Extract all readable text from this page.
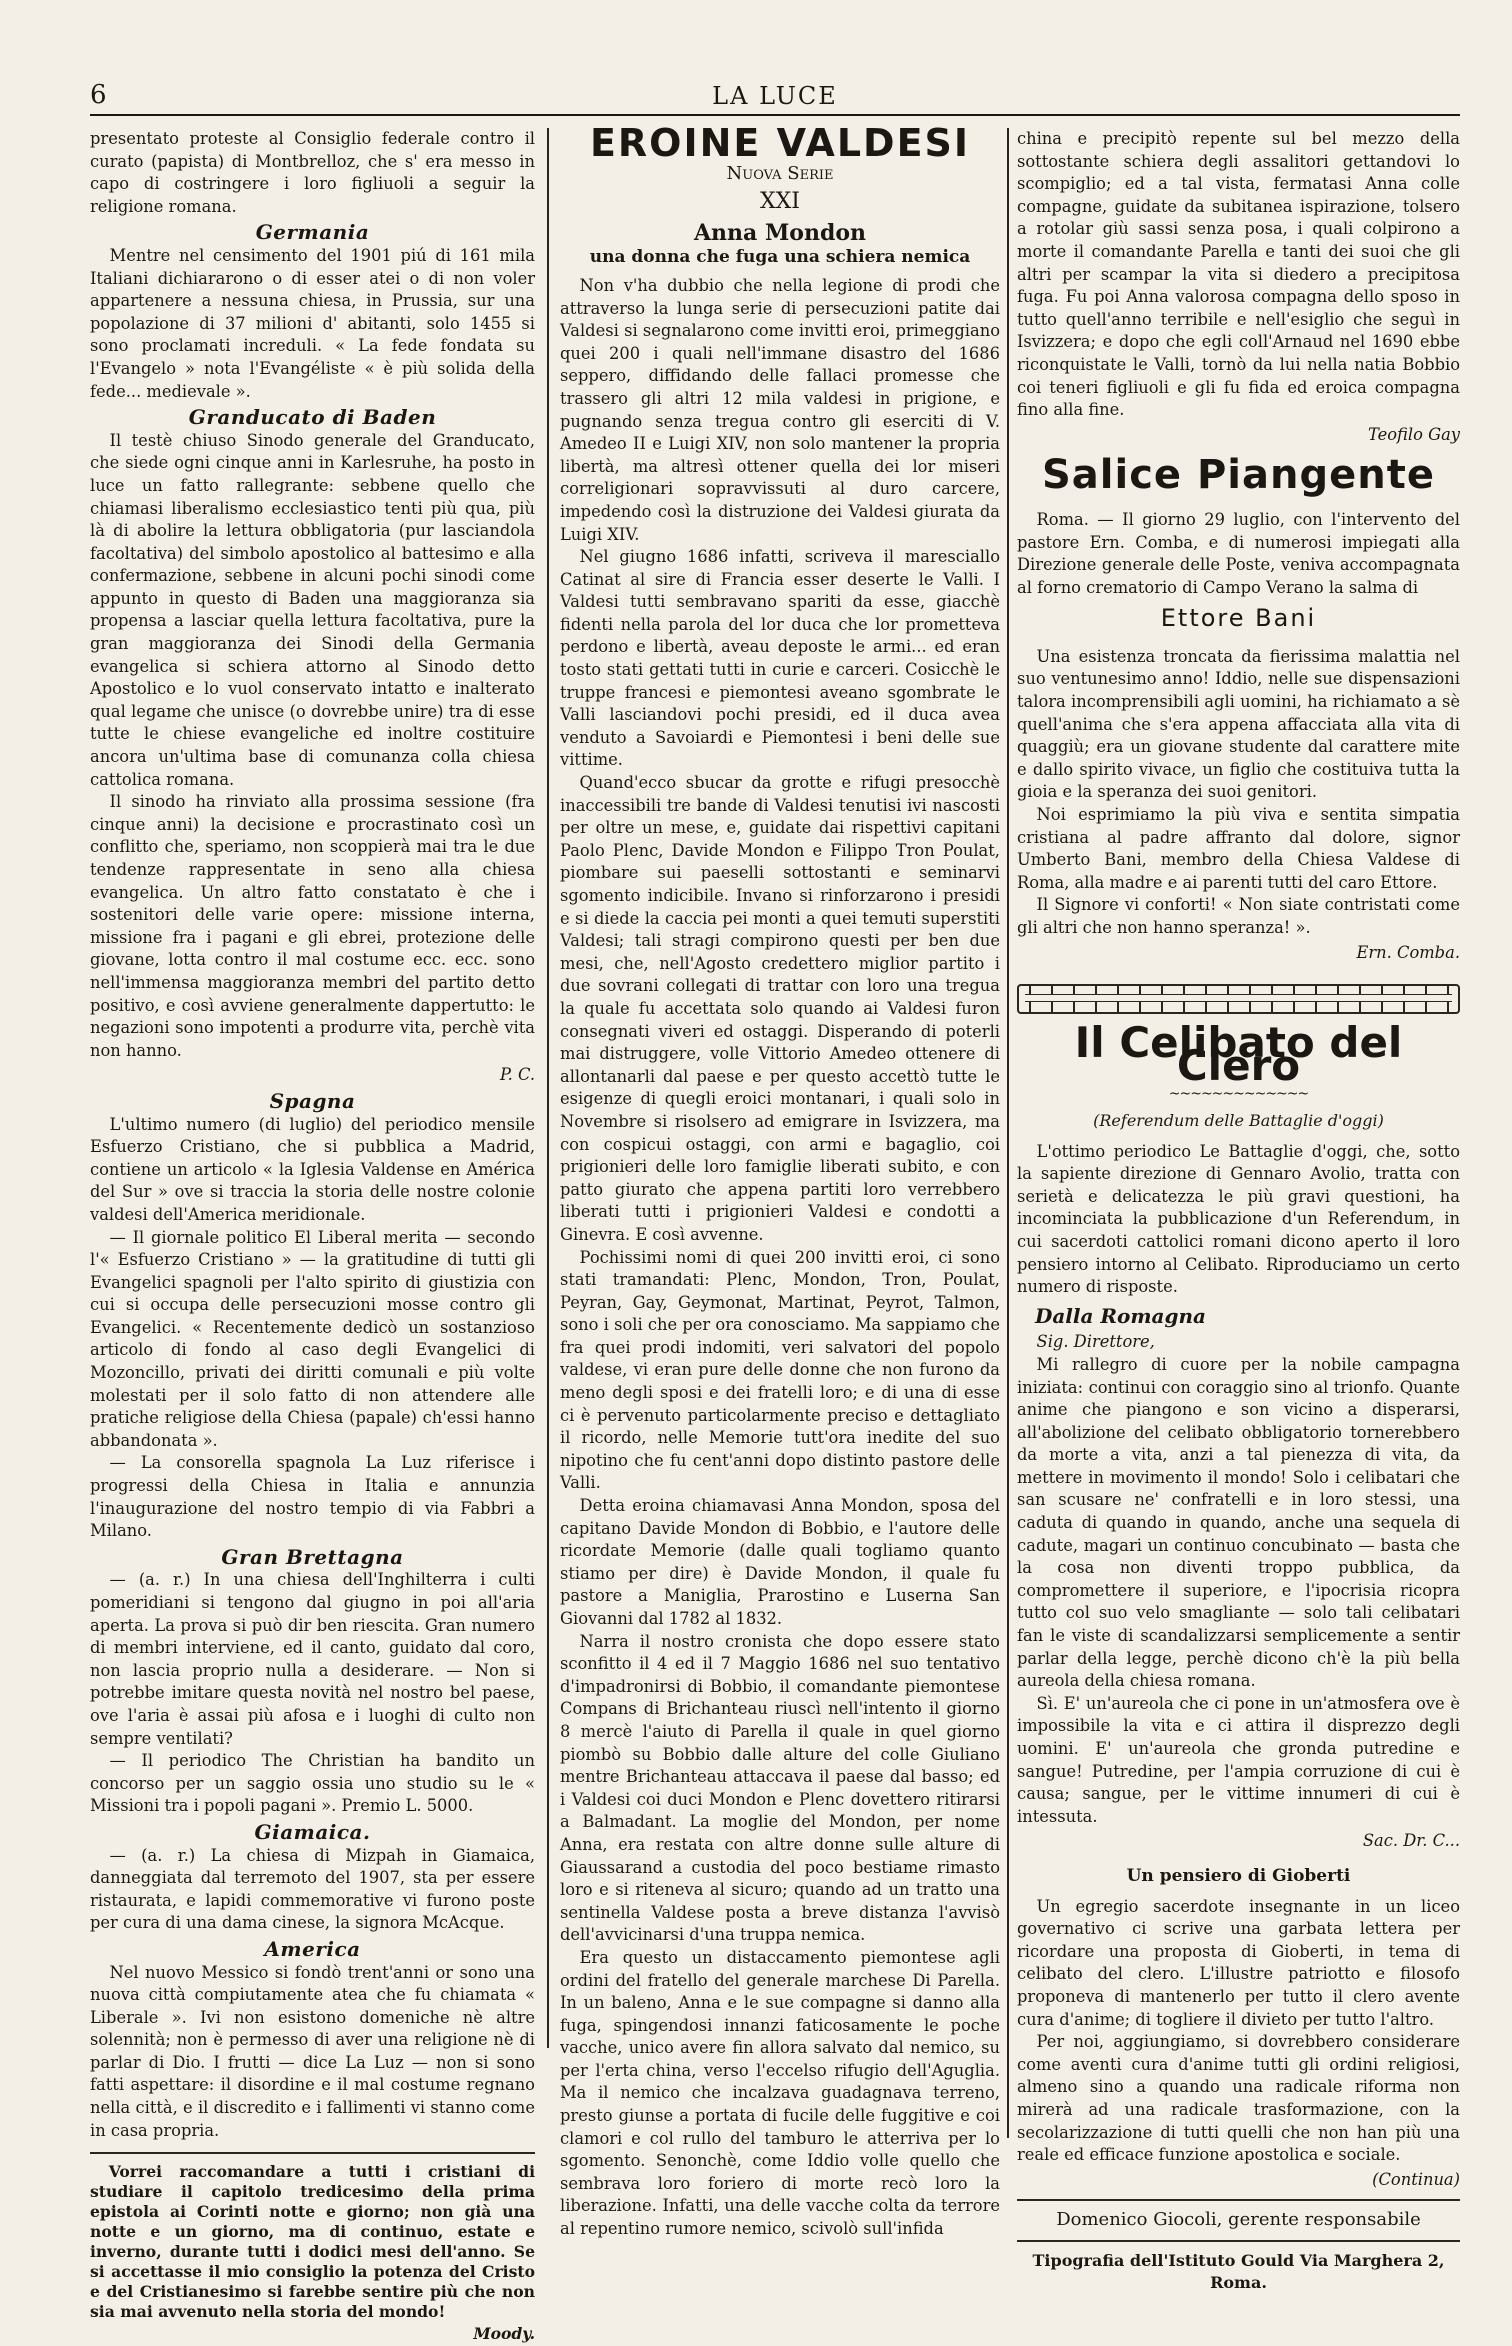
6	LA LUCE

presentato proteste al Consiglio federale contro il curato (papista) di Montbrelloz, che s' era messo in capo di costringere i loro figliuoli a seguir la religione romana.

Germania

Mentre nel censimento del 1901 piú di 161 mila Italiani dichiararono o di esser atei o di non voler appartenere a nessuna chiesa, in Prussia, sur una popolazione di 37 milioni d' abitanti, solo 1455 si sono proclamati increduli. « La fede fondata su l'Evangelo » nota l'Evangéliste « è più solida della fede... medievale ».

Granducato di Baden

Il testè chiuso Sinodo generale del Granducato, che siede ogni cinque anni in Karlesruhe, ha posto in luce un fatto rallegrante: sebbene quello che chiamasi liberalismo ecclesiastico tenti più qua, più là di abolire la lettura obbligatoria (pur lasciandola facoltativa) del simbolo apostolico al battesimo e alla confermazione, sebbene in alcuni pochi sinodi come appunto in questo di Baden una maggioranza sia propensa a lasciar quella lettura facoltativa, pure la gran maggioranza dei Sinodi della Germania evangelica si schiera attorno al Sinodo detto Apostolico e lo vuol conservato intatto e inalterato qual legame che unisce (o dovrebbe unire) tra di esse tutte le chiese evangeliche ed inoltre costituire ancora un'ultima base di comunanza colla chiesa cattolica romana.

Il sinodo ha rinviato alla prossima sessione (fra cinque anni) la decisione e procrastinato così un conflitto che, speriamo, non scoppierà mai tra le due tendenze rappresentate in seno alla chiesa evangelica. Un altro fatto constatato è che i sostenitori delle varie opere: missione interna, missione fra i pagani e gli ebrei, protezione delle giovane, lotta contro il mal costume ecc. ecc. sono nell'immensa maggioranza membri del partito detto positivo, e così avviene generalmente dappertutto: le negazioni sono impotenti a produrre vita, perchè vita non hanno.

P. C.
Spagna

L'ultimo numero (di luglio) del periodico mensile Esfuerzo Cristiano, che si pubblica a Madrid, contiene un articolo « la Iglesia Valdense en América del Sur » ove si traccia la storia delle nostre colonie valdesi dell'America meridionale.

— Il giornale politico El Liberal merita — secondo l'« Esfuerzo Cristiano » — la gratitudine di tutti gli Evangelici spagnoli per l'alto spirito di giustizia con cui si occupa delle persecuzioni mosse contro gli Evangelici. « Recentemente dedicò un sostanzioso articolo di fondo al caso degli Evangelici di Mozoncillo, privati dei diritti comunali e più volte molestati per il solo fatto di non attendere alle pratiche religiose della Chiesa (papale) ch'essi hanno abbandonata ».

— La consorella spagnola La Luz riferisce i progressi della Chiesa in Italia e annunzia l'inaugurazione del nostro tempio di via Fabbri a Milano.

Gran Brettagna

— (a. r.) In una chiesa dell'Inghilterra i culti pomeridiani si tengono dal giugno in poi all'aria aperta. La prova si può dir ben riescita. Gran numero di membri interviene, ed il canto, guidato dal coro, non lascia proprio nulla a desiderare. — Non si potrebbe imitare questa novità nel nostro bel paese, ove l'aria è assai più afosa e i luoghi di culto non sempre ventilati?

— Il periodico The Christian ha bandito un concorso per un saggio ossia uno studio su le « Missioni tra i popoli pagani ». Premio L. 5000.

Giamaica.

— (a. r.) La chiesa di Mizpah in Giamaica, danneggiata dal terremoto del 1907, sta per essere ristaurata, e lapidi commemorative vi furono poste per cura di una dama cinese, la signora McAcque.

America

Nel nuovo Messico si fondò trent'anni or sono una nuova città compiutamente atea che fu chiamata « Liberale ». Ivi non esistono domeniche nè altre solennità; non è permesso di aver una religione nè di parlar di Dio. I frutti — dice La Luz — non si sono fatti aspettare: il disordine e il mal costume regnano nella città, e il discredito e i fallimenti vi stanno come in casa propria.

Vorrei raccomandare a tutti i cristiani di studiare il capitolo tredicesimo della prima epistola ai Corinti notte e giorno; non già una notte e un giorno, ma di continuo, estate e inverno, durante tutti i dodici mesi dell'anno. Se si accettasse il mio consiglio la potenza del Cristo e del Cristianesimo si farebbe sentire più che non sia mai avvenuto nella storia del mondo!

Moody.
EROINE VALDESI
Nuova Serie
XXI
Anna Mondon
una donna che fuga una schiera nemica

Non v'ha dubbio che nella legione di prodi che attraverso la lunga serie di persecuzioni patite dai Valdesi si segnalarono come invitti eroi, primeggiano quei 200 i quali nell'immane disastro del 1686 seppero, diffidando delle fallaci promesse che trassero gli altri 12 mila valdesi in prigione, e pugnando senza tregua contro gli eserciti di V. Amedeo II e Luigi XIV, non solo mantener la propria libertà, ma altresì ottener quella dei lor miseri correligionari sopravvissuti al duro carcere, impedendo così la distruzione dei Valdesi giurata da Luigi XIV.

Nel giugno 1686 infatti, scriveva il maresciallo Catinat al sire di Francia esser deserte le Valli. I Valdesi tutti sembravano spariti da esse, giacchè fidenti nella parola del lor duca che lor prometteva perdono e libertà, aveau deposte le armi... ed eran tosto stati gettati tutti in curie e carceri. Cosicchè le truppe francesi e piemontesi aveano sgombrate le Valli lasciandovi pochi presidi, ed il duca avea venduto a Savoiardi e Piemontesi i beni delle sue vittime.

Quand'ecco sbucar da grotte e rifugi presocchè inaccessibili tre bande di Valdesi tenutisi ivi nascosti per oltre un mese, e, guidate dai rispettivi capitani Paolo Plenc, Davide Mondon e Filippo Tron Poulat, piombare sui paeselli sottostanti e seminarvi sgomento indicibile. Invano si rinforzarono i presidi e si diede la caccia pei monti a quei temuti superstiti Valdesi; tali stragi compirono questi per ben due mesi, che, nell'Agosto credettero miglior partito i due sovrani collegati di trattar con loro una tregua la quale fu accettata solo quando ai Valdesi furon consegnati viveri ed ostaggi. Disperando di poterli mai distruggere, volle Vittorio Amedeo ottenere di allontanarli dal paese e per questo accettò tutte le esigenze di quegli eroici montanari, i quali solo in Novembre si risolsero ad emigrare in Isvizzera, ma con cospicui ostaggi, con armi e bagaglio, coi prigionieri delle loro famiglie liberati subito, e con patto giurato che appena partiti loro verrebbero liberati tutti i prigionieri Valdesi e condotti a Ginevra. E così avvenne.

Pochissimi nomi di quei 200 invitti eroi, ci sono stati tramandati: Plenc, Mondon, Tron, Poulat, Peyran, Gay, Geymonat, Martinat, Peyrot, Talmon, sono i soli che per ora conosciamo. Ma sappiamo che fra quei prodi indomiti, veri salvatori del popolo valdese, vi eran pure delle donne che non furono da meno degli sposi e dei fratelli loro; e di una di esse ci è pervenuto particolarmente preciso e dettagliato il ricordo, nelle Memorie tutt'ora inedite del suo nipotino che fu cent'anni dopo distinto pastore delle Valli.

Detta eroina chiamavasi Anna Mondon, sposa del capitano Davide Mondon di Bobbio, e l'autore delle ricordate Memorie (dalle quali togliamo quanto stiamo per dire) è Davide Mondon, il quale fu pastore a Maniglia, Prarostino e Luserna San Giovanni dal 1782 al 1832.

Narra il nostro cronista che dopo essere stato sconfitto il 4 ed il 7 Maggio 1686 nel suo tentativo d'impadronirsi di Bobbio, il comandante piemontese Compans di Brichanteau riuscì nell'intento il giorno 8 mercè l'aiuto di Parella il quale in quel giorno piombò su Bobbio dalle alture del colle Giuliano mentre Brichanteau attaccava il paese dal basso; ed i Valdesi coi duci Mondon e Plenc dovettero ritirarsi a Balmadant. La moglie del Mondon, per nome Anna, era restata con altre donne sulle alture di Giaussarand a custodia del poco bestiame rimasto loro e si riteneva al sicuro; quando ad un tratto una sentinella Valdese posta a breve distanza l'avvisò dell'avvicinarsi d'una truppa nemica.

Era questo un distaccamento piemontese agli ordini del fratello del generale marchese Di Parella. In un baleno, Anna e le sue compagne si danno alla fuga, spingendosi innanzi faticosamente le poche vacche, unico avere fin allora salvato dal nemico, su per l'erta china, verso l'eccelso rifugio dell'Aguglia. Ma il nemico che incalzava guadagnava terreno, presto giunse a portata di fucile delle fuggitive e coi clamori e col rullo del tamburo le atterriva per lo sgomento. Senonchè, come Iddio volle quello che sembrava loro foriero di morte recò loro la liberazione. Infatti, una delle vacche colta da terrore al repentino rumore nemico, scivolò sull'infida

china e precipitò repente sul bel mezzo della sottostante schiera degli assalitori gettandovi lo scompiglio; ed a tal vista, fermatasi Anna colle compagne, guidate da subitanea ispirazione, tolsero a rotolar giù sassi senza posa, i quali colpirono a morte il comandante Parella e tanti dei suoi che gli altri per scampar la vita si diedero a precipitosa fuga. Fu poi Anna valorosa compagna dello sposo in tutto quell'anno terribile e nell'esiglio che seguì in Isvizzera; e dopo che egli coll'Arnaud nel 1690 ebbe riconquistate le Valli, tornò da lui nella natia Bobbio coi teneri figliuoli e gli fu fida ed eroica compagna fino alla fine.

Teofilo Gay
Salice Piangente

Roma. — Il giorno 29 luglio, con l'intervento del pastore Ern. Comba, e di numerosi impiegati alla Direzione generale delle Poste, veniva accompagnata al forno crematorio di Campo Verano la salma di

Ettore Bani

Una esistenza troncata da fierissima malattia nel suo ventunesimo anno! Iddio, nelle sue dispensazioni talora incomprensibili agli uomini, ha richiamato a sè quell'anima che s'era appena affacciata alla vita di quaggiù; era un giovane studente dal carattere mite e dallo spirito vivace, un figlio che costituiva tutta la gioia e la speranza dei suoi genitori.

Noi esprimiamo la più viva e sentita simpatia cristiana al padre affranto dal dolore, signor Umberto Bani, membro della Chiesa Valdese di Roma, alla madre e ai parenti tutti del caro Ettore.

Il Signore vi conforti! « Non siate contristati come gli altri che non hanno speranza! ».

Ern. Comba.
Il Celibato del Clero
~~~~~~~~~~~~~
(Referendum delle Battaglie d'oggi)

L'ottimo periodico Le Battaglie d'oggi, che, sotto la sapiente direzione di Gennaro Avolio, tratta con serietà e delicatezza le più gravi questioni, ha incominciata la pubblicazione d'un Referendum, in cui sacerdoti cattolici romani dicono aperto il loro pensiero intorno al Celibato. Riproduciamo un certo numero di risposte.

Dalla Romagna

Sig. Direttore,

Mi rallegro di cuore per la nobile campagna iniziata: continui con coraggio sino al trionfo. Quante anime che piangono e son vicino a disperarsi, all'abolizione del celibato obbligatorio tornerebbero da morte a vita, anzi a tal pienezza di vita, da mettere in movimento il mondo! Solo i celibatari che san scusare ne' confratelli e in loro stessi, una caduta di quando in quando, anche una sequela di cadute, magari un continuo concubinato — basta che la cosa non diventi troppo pubblica, da compromettere il superiore, e l'ipocrisia ricopra tutto col suo velo smagliante — solo tali celibatari fan le viste di scandalizzarsi semplicemente a sentir parlar della legge, perchè dicono ch'è la più bella aureola della chiesa romana.

Sì. E' un'aureola che ci pone in un'atmosfera ove è impossibile la vita e ci attira il disprezzo degli uomini. E' un'aureola che gronda putredine e sangue! Putredine, per l'ampia corruzione di cui è causa; sangue, per le vittime innumeri di cui è intessuta.

Sac. Dr. C...
Un pensiero di Gioberti

Un egregio sacerdote insegnante in un liceo governativo ci scrive una garbata lettera per ricordare una proposta di Gioberti, in tema di celibato del clero. L'illustre patriotto e filosofo proponeva di mantenerlo per tutto il clero avente cura d'anime; di togliere il divieto per tutto l'altro.

Per noi, aggiungiamo, si dovrebbero considerare come aventi cura d'anime tutti gli ordini religiosi, almeno sino a quando una radicale riforma non mirerà ad una radicale trasformazione, con la secolarizzazione di tutti quelli che non han più una reale ed efficace funzione apostolica e sociale.

(Continua)
Domenico Giocoli, gerente responsabile
Tipografia dell'Istituto Gould Via Marghera 2, Roma.
